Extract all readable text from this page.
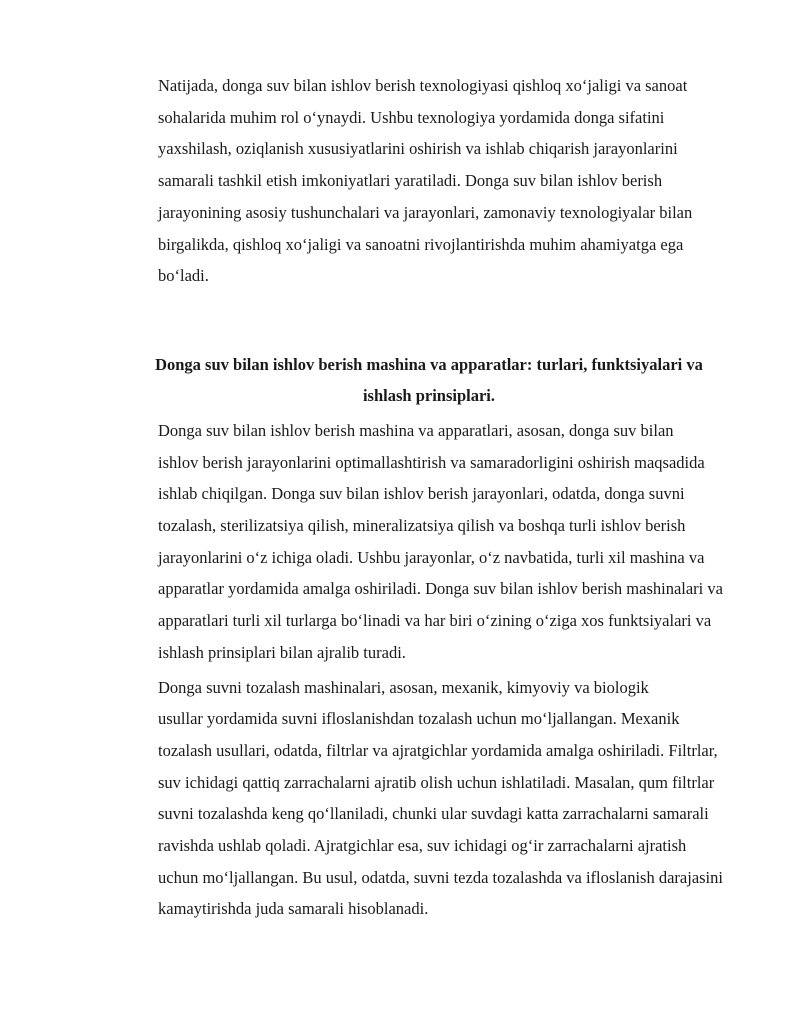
Natijada, donga suv bilan ishlov berish texnologiyasi qishloq xo‘jaligi va sanoat
sohalarida muhim rol o‘ynaydi. Ushbu texnologiya yordamida donga sifatini
yaxshilash, oziqlanish xususiyatlarini oshirish va ishlab chiqarish jarayonlarini
samarali tashkil etish imkoniyatlari yaratiladi. Donga suv bilan ishlov berish
jarayonining asosiy tushunchalari va jarayonlari, zamonaviy texnologiyalar bilan
birgalikda, qishloq xo‘jaligi va sanoatni rivojlantirishda muhim ahamiyatga ega
bo‘ladi.

Donga suv bilan ishlov berish mashina va apparatlar: turlari, funktsiyalari va
ishlash prinsiplari.

Donga suv bilan ishlov berish mashina va apparatlari, asosan, donga suv bilan
ishlov berish jarayonlarini optimallashtirish va samaradorligini oshirish maqsadida
ishlab chiqilgan. Donga suv bilan ishlov berish jarayonlari, odatda, donga suvni
tozalash, sterilizatsiya qilish, mineralizatsiya qilish va boshqa turli ishlov berish
jarayonlarini o‘z ichiga oladi. Ushbu jarayonlar, o‘z navbatida, turli xil mashina va
apparatlar yordamida amalga oshiriladi. Donga suv bilan ishlov berish mashinalari va
apparatlari turli xil turlarga bo‘linadi va har biri o‘zining o‘ziga xos funktsiyalari va
ishlash prinsiplari bilan ajralib turadi.

Donga suvni tozalash mashinalari, asosan, mexanik, kimyoviy va biologik
usullar yordamida suvni ifloslanishdan tozalash uchun mo‘ljallangan. Mexanik
tozalash usullari, odatda, filtrlar va ajratgichlar yordamida amalga oshiriladi. Filtrlar,
suv ichidagi qattiq zarrachalarni ajratib olish uchun ishlatiladi. Masalan, qum filtrlar
suvni tozalashda keng qo‘llaniladi, chunki ular suvdagi katta zarrachalarni samarali
ravishda ushlab qoladi. Ajratgichlar esa, suv ichidagi og‘ir zarrachalarni ajratish
uchun mo‘ljallangan. Bu usul, odatda, suvni tezda tozalashda va ifloslanish darajasini
kamaytirishda juda samarali hisoblanadi.
